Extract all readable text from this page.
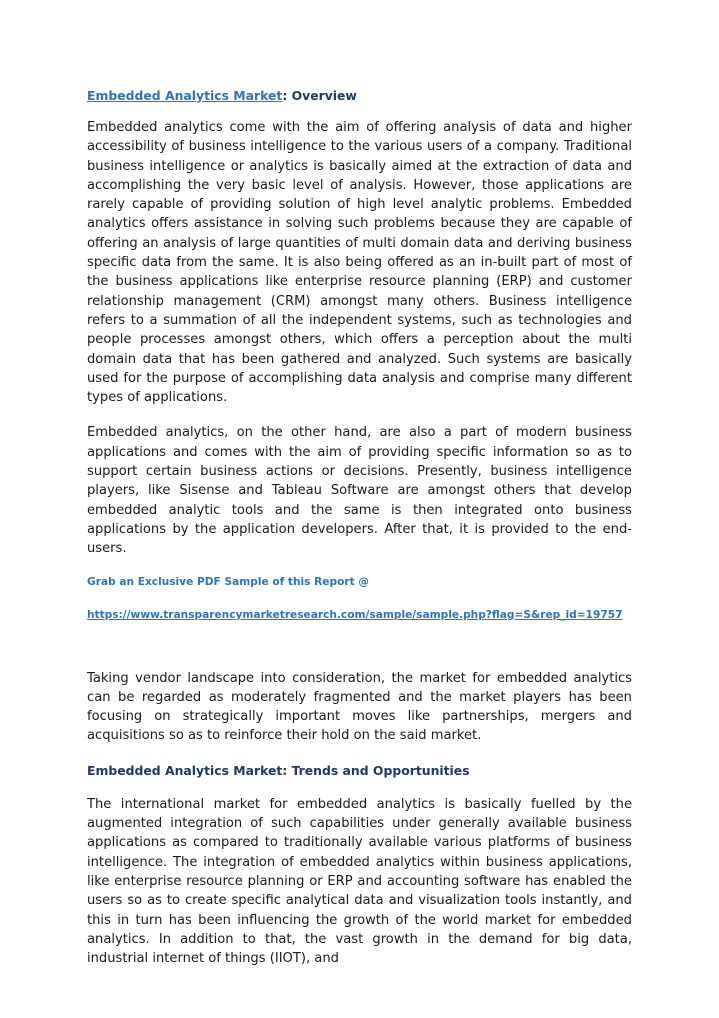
Embedded Analytics Market: Overview

Embedded analytics come with the aim of offering analysis of data and higher accessibility of business intelligence to the various users of a company. Traditional business intelligence or analytics is basically aimed at the extraction of data and accomplishing the very basic level of analysis. However, those applications are rarely capable of providing solution of high level analytic problems. Embedded analytics offers assistance in solving such problems because they are capable of offering an analysis of large quantities of multi domain data and deriving business specific data from the same. It is also being offered as an in-built part of most of the business applications like enterprise resource planning (ERP) and customer relationship management (CRM) amongst many others. Business intelligence refers to a summation of all the independent systems, such as technologies and people processes amongst others, which offers a perception about the multi domain data that has been gathered and analyzed. Such systems are basically used for the purpose of accomplishing data analysis and comprise many different types of applications.

Embedded analytics, on the other hand, are also a part of modern business applications and comes with the aim of providing specific information so as to support certain business actions or decisions. Presently, business intelligence players, like Sisense and Tableau Software are amongst others that develop embedded analytic tools and the same is then integrated onto business applications by the application developers. After that, it is provided to the end-users.

Grab an Exclusive PDF Sample of this Report @
https://www.transparencymarketresearch.com/sample/sample.php?flag=S&rep_id=19757

Taking vendor landscape into consideration, the market for embedded analytics can be regarded as moderately fragmented and the market players has been focusing on strategically important moves like partnerships, mergers and acquisitions so as to reinforce their hold on the said market.

Embedded Analytics Market: Trends and Opportunities

The international market for embedded analytics is basically fuelled by the augmented integration of such capabilities under generally available business applications as compared to traditionally available various platforms of business intelligence. The integration of embedded analytics within business applications, like enterprise resource planning or ERP and accounting software has enabled the users so as to create specific analytical data and visualization tools instantly, and this in turn has been influencing the growth of the world market for embedded analytics. In addition to that, the vast growth in the demand for big data, industrial internet of things (IIOT), and
